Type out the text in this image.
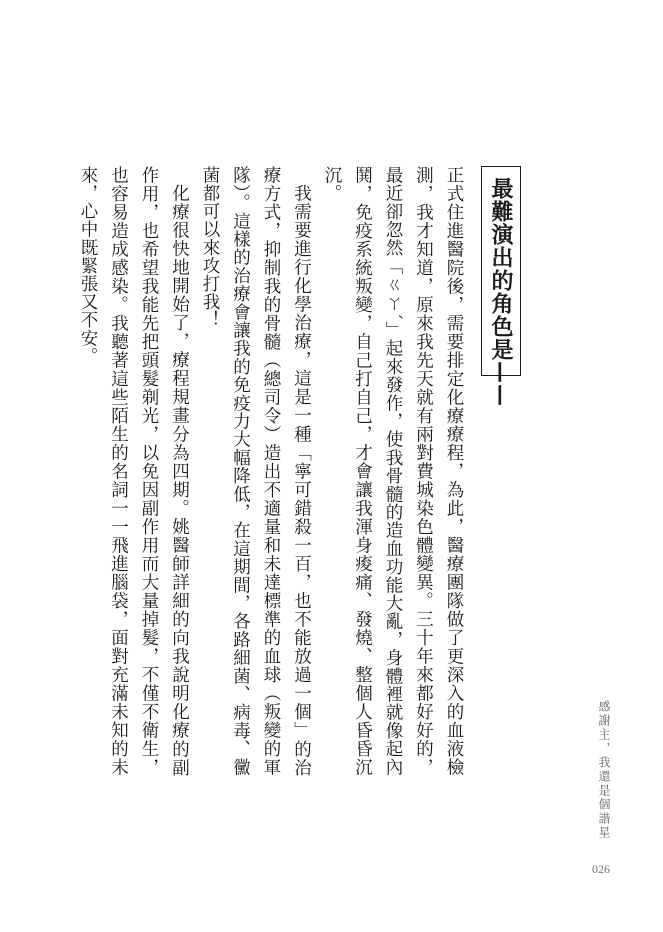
最難演出的角色是——

正式住進醫院後，需要排定化療療程，為此，醫療團隊做了更深入的血液檢測，我才知道，原來我先天就有兩對費城染色體變異。三十年來都好好的，最近卻忽然「ㄍㄚˊ」起來發作，使我骨髓的造血功能大亂，身體裡就像起內鬨，免疫系統叛變，自己打自己，才會讓我渾身痠痛、發燒、整個人昏昏沉沉。

我需要進行化學治療，這是一種「寧可錯殺一百，也不能放過一個」的治療方式，抑制我的骨髓（總司令）造出不適量和未達標準的血球（叛變的軍隊）。這樣的治療會讓我的免疫力大幅降低，在這期間，各路細菌、病毒、黴菌都可以來攻打我！

化療很快地開始了，療程規畫分為四期。姚醫師詳細的向我說明化療的副作用，也希望我能先把頭髮剃光，以免因副作用而大量掉髮，不僅不衛生，也容易造成感染。我聽著這些陌生的名詞一一飛進腦袋，面對充滿未知的未來，心中既緊張又不安。

感謝主，我還是個諧星
026
